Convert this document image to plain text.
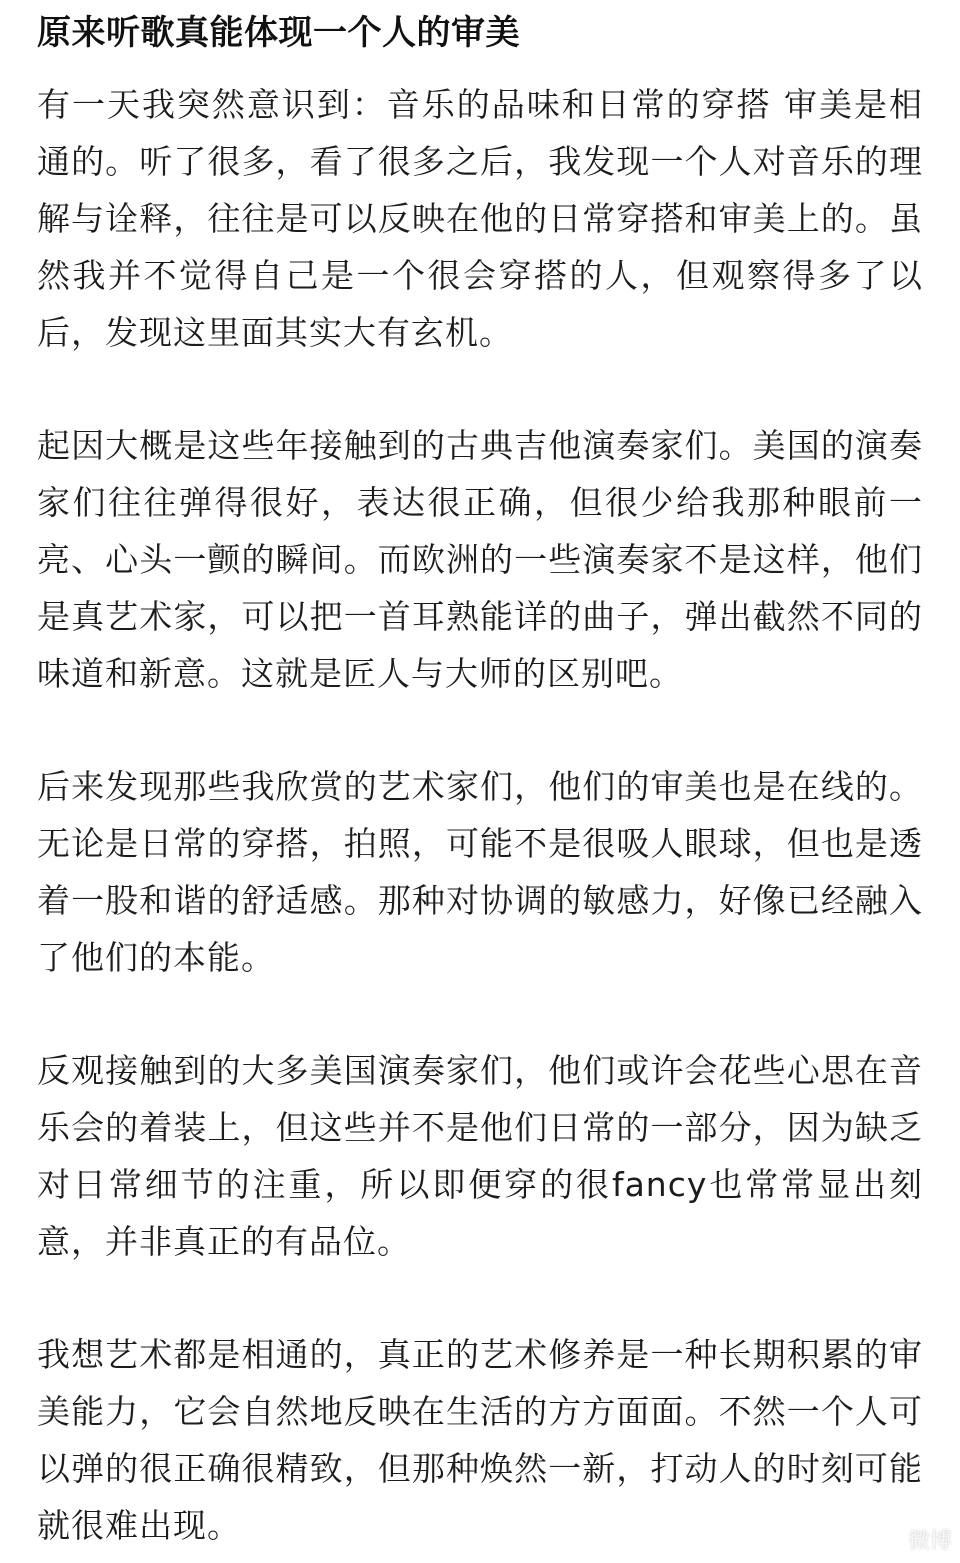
原来听歌真能体现一个人的审美

有一天我突然意识到：音乐的品味和日常的穿搭 审美是相通的。听了很多，看了很多之后，我发现一个人对音乐的理解与诠释，往往是可以反映在他的日常穿搭和审美上的。虽然我并不觉得自己是一个很会穿搭的人，但观察得多了以后，发现这里面其实大有玄机。

起因大概是这些年接触到的古典吉他演奏家们。美国的演奏家们往往弹得很好，表达很正确，但很少给我那种眼前一亮、心头一颤的瞬间。而欧洲的一些演奏家不是这样，他们是真艺术家，可以把一首耳熟能详的曲子，弹出截然不同的味道和新意。这就是匠人与大师的区别吧。

后来发现那些我欣赏的艺术家们，他们的审美也是在线的。无论是日常的穿搭，拍照，可能不是很吸人眼球，但也是透着一股和谐的舒适感。那种对协调的敏感力，好像已经融入了他们的本能。

反观接触到的大多美国演奏家们，他们或许会花些心思在音乐会的着装上，但这些并不是他们日常的一部分，因为缺乏对日常细节的注重，所以即便穿的很fancy也常常显出刻意，并非真正的有品位。

我想艺术都是相通的，真正的艺术修养是一种长期积累的审美能力，它会自然地反映在生活的方方面面。不然一个人可以弹的很正确很精致，但那种焕然一新，打动人的时刻可能就很难出现。	微博
